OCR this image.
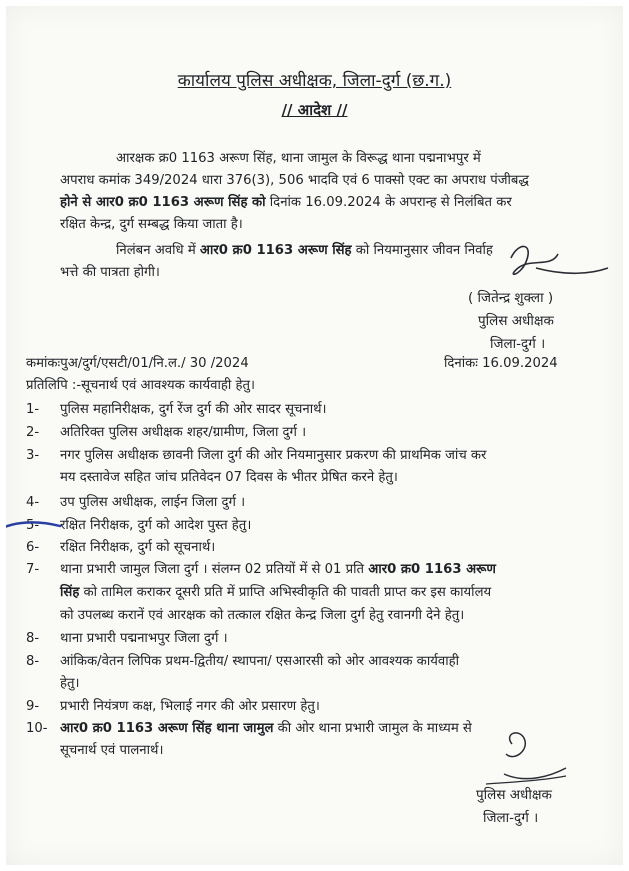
कार्यालय पुलिस अधीक्षक, जिला-दुर्ग (छ.ग.)
// आदेश //
आरक्षक क्र0 1163 अरूण सिंह, थाना जामुल के विरूद्ध थाना पद्मनाभपुर में
अपराध कमांक 349/2024 धारा 376(3), 506 भादवि एवं 6 पाक्सो एक्ट का अपराध पंजीबद्ध
होने से आर0 क्र0 1163 अरूण सिंह को दिनांक 16.09.2024 के अपरान्ह से निलंबित कर
रक्षित केन्द्र, दुर्ग सम्बद्ध किया जाता है।
निलंबन अवधि में आर0 क्र0 1163 अरूण सिंह को नियमानुसार जीवन निर्वाह
भत्ते की पात्रता होगी।
( जितेन्द्र शुक्ला )
पुलिस अधीक्षक
जिला-दुर्ग ।
कमांकःपुअ/दुर्ग/एसटी/01/नि.ल./ 30 /2024	दिनांकः 16.09.2024
प्रतिलिपि :-सूचनार्थ एवं आवश्यक कार्यवाही हेतु।
1- पुलिस महानिरीक्षक, दुर्ग रेंज दुर्ग की ओर सादर सूचनार्थ।
2- अतिरिक्त पुलिस अधीक्षक शहर/ग्रामीण, जिला दुर्ग ।
3- नगर पुलिस अधीक्षक छावनी जिला दुर्ग की ओर नियमानुसार प्रकरण की प्राथमिक जांच कर
मय दस्तावेज सहित जांच प्रतिवेदन 07 दिवस के भीतर प्रेषित करने हेतु।
4- उप पुलिस अधीक्षक, लाईन जिला दुर्ग ।
5- रक्षित निरीक्षक, दुर्ग को आदेश पुस्त हेतु।
6- रक्षित निरीक्षक, दुर्ग को सूचनार्थ।
7- थाना प्रभारी जामुल जिला दुर्ग । संलग्न 02 प्रतियों में से 01 प्रति आर0 क्र0 1163 अरूण
सिंह को तामिल कराकर दूसरी प्रति में प्राप्ति अभिस्वीकृति की पावती प्राप्त कर इस कार्यालय
को उपलब्ध करानें एवं आरक्षक को तत्काल रक्षित केन्द्र जिला दुर्ग हेतु रवानगी देने हेतु।
8- थाना प्रभारी पद्मनाभपुर जिला दुर्ग ।
8- आंकिक/वेतन लिपिक प्रथम-द्वितीय/ स्थापना/ एसआरसी को ओर आवश्यक कार्यवाही
हेतु।
9- प्रभारी नियंत्रण कक्ष, भिलाई नगर की ओर प्रसारण हेतु।
10- आर0 क्र0 1163 अरूण सिंह थाना जामुल की ओर थाना प्रभारी जामुल के माध्यम से
सूचनार्थ एवं पालनार्थ।
पुलिस अधीक्षक
जिला-दुर्ग ।
